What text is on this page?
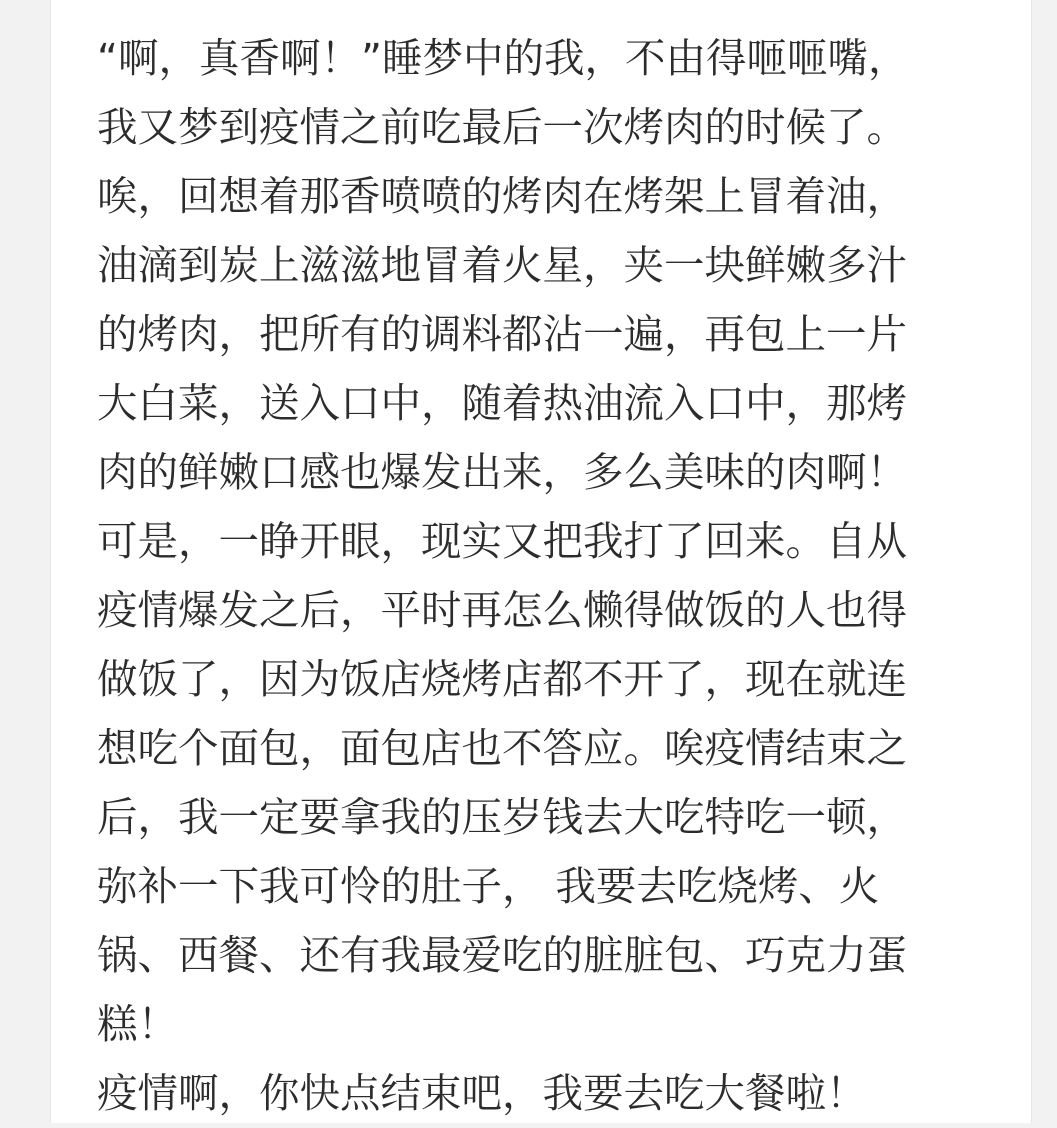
“啊，真香啊！”睡梦中的我，不由得咂咂嘴，
我又梦到疫情之前吃最后一次烤肉的时候了。
唉，回想着那香喷喷的烤肉在烤架上冒着油，
油滴到炭上滋滋地冒着火星，夹一块鲜嫩多汁
的烤肉，把所有的调料都沾一遍，再包上一片
大白菜，送入口中，随着热油流入口中，那烤
肉的鲜嫩口感也爆发出来，多么美味的肉啊！
可是，一睁开眼，现实又把我打了回来。自从
疫情爆发之后，平时再怎么懒得做饭的人也得
做饭了，因为饭店烧烤店都不开了，现在就连
想吃个面包，面包店也不答应。唉疫情结束之
后，我一定要拿我的压岁钱去大吃特吃一顿，
弥补一下我可怜的肚子， 我要去吃烧烤、火
锅、西餐、还有我最爱吃的脏脏包、巧克力蛋
糕！
疫情啊，你快点结束吧，我要去吃大餐啦！
